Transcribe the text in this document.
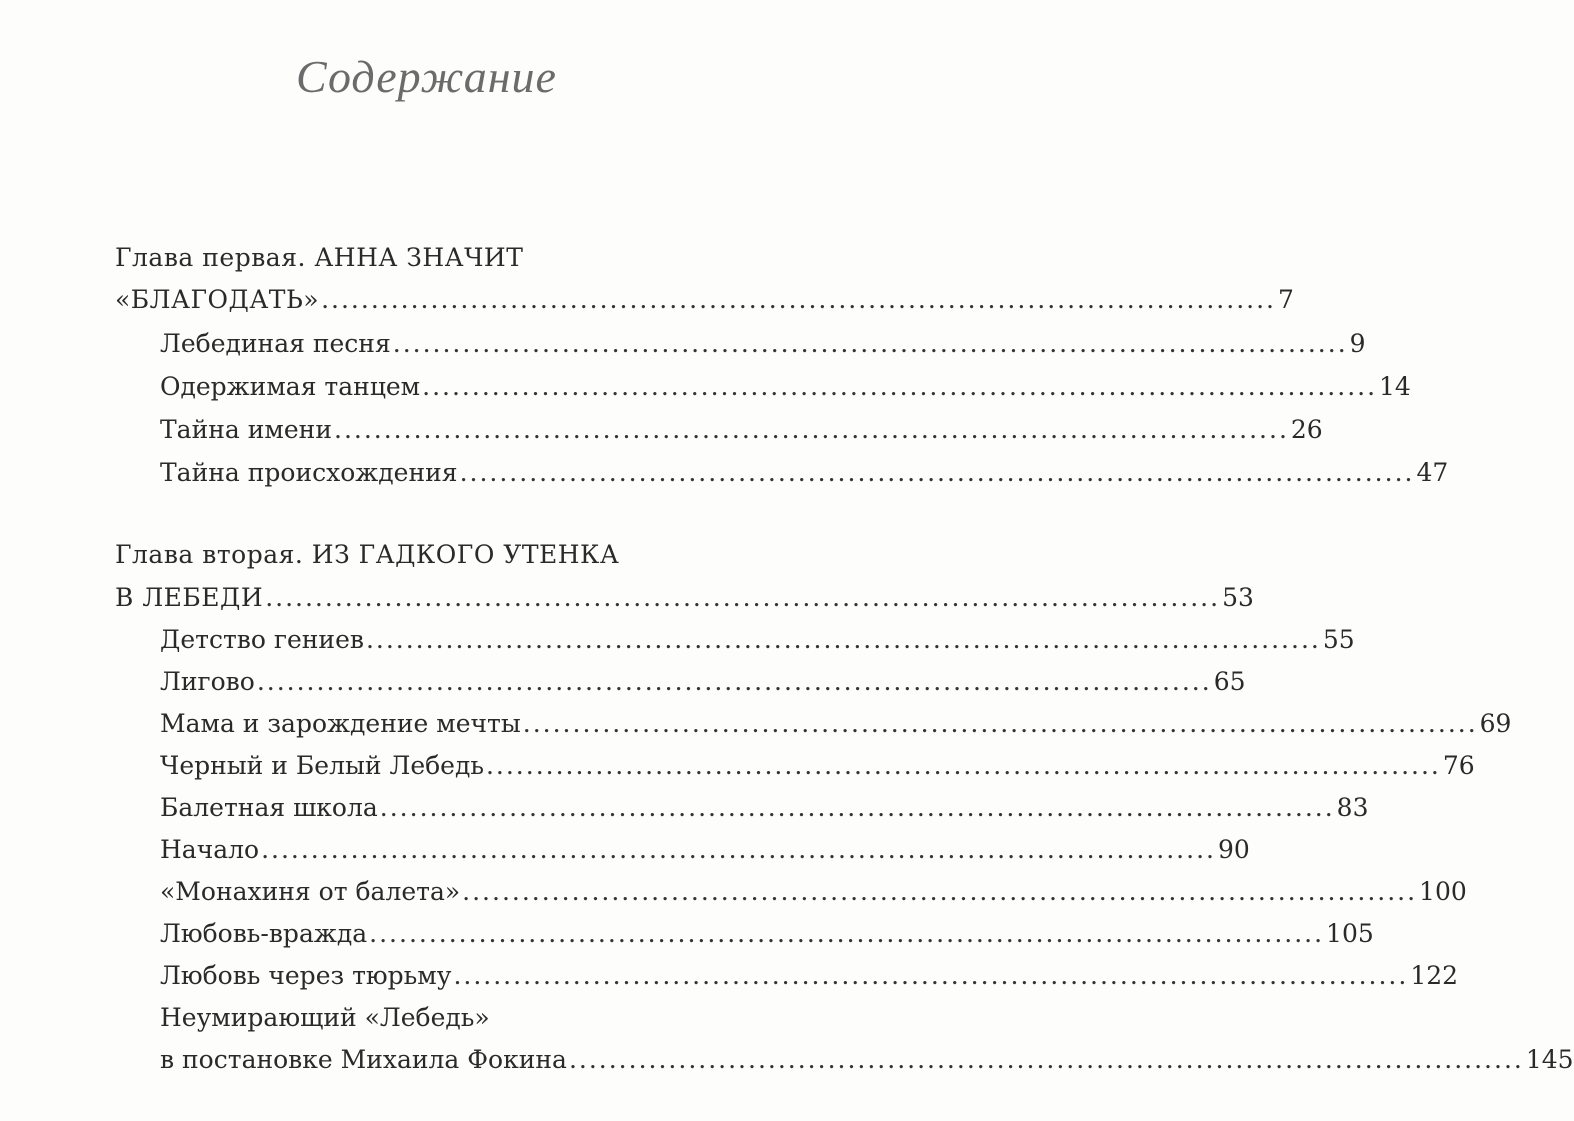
Содержание
Глава первая. АННА ЗНАЧИТ
«БЛАГОДАТЬ» ................................................................................................ 7
Лебединая песня ................................................................................................ 9
Одержимая танцем ................................................................................................ 14
Тайна имени ................................................................................................ 26
Тайна происхождения ................................................................................................ 47
Глава вторая. ИЗ ГАДКОГО УТЕНКА
В ЛЕБЕДИ ................................................................................................ 53
Детство гениев ................................................................................................ 55
Лигово ................................................................................................ 65
Мама и зарождение мечты ................................................................................................ 69
Черный и Белый Лебедь ................................................................................................ 76
Балетная школа ................................................................................................ 83
Начало ................................................................................................ 90
«Монахиня от балета» ................................................................................................ 100
Любовь-вражда ................................................................................................ 105
Любовь через тюрьму ................................................................................................ 122
Неумирающий «Лебедь»
в постановке Михаила Фокина ................................................................................................ 145
